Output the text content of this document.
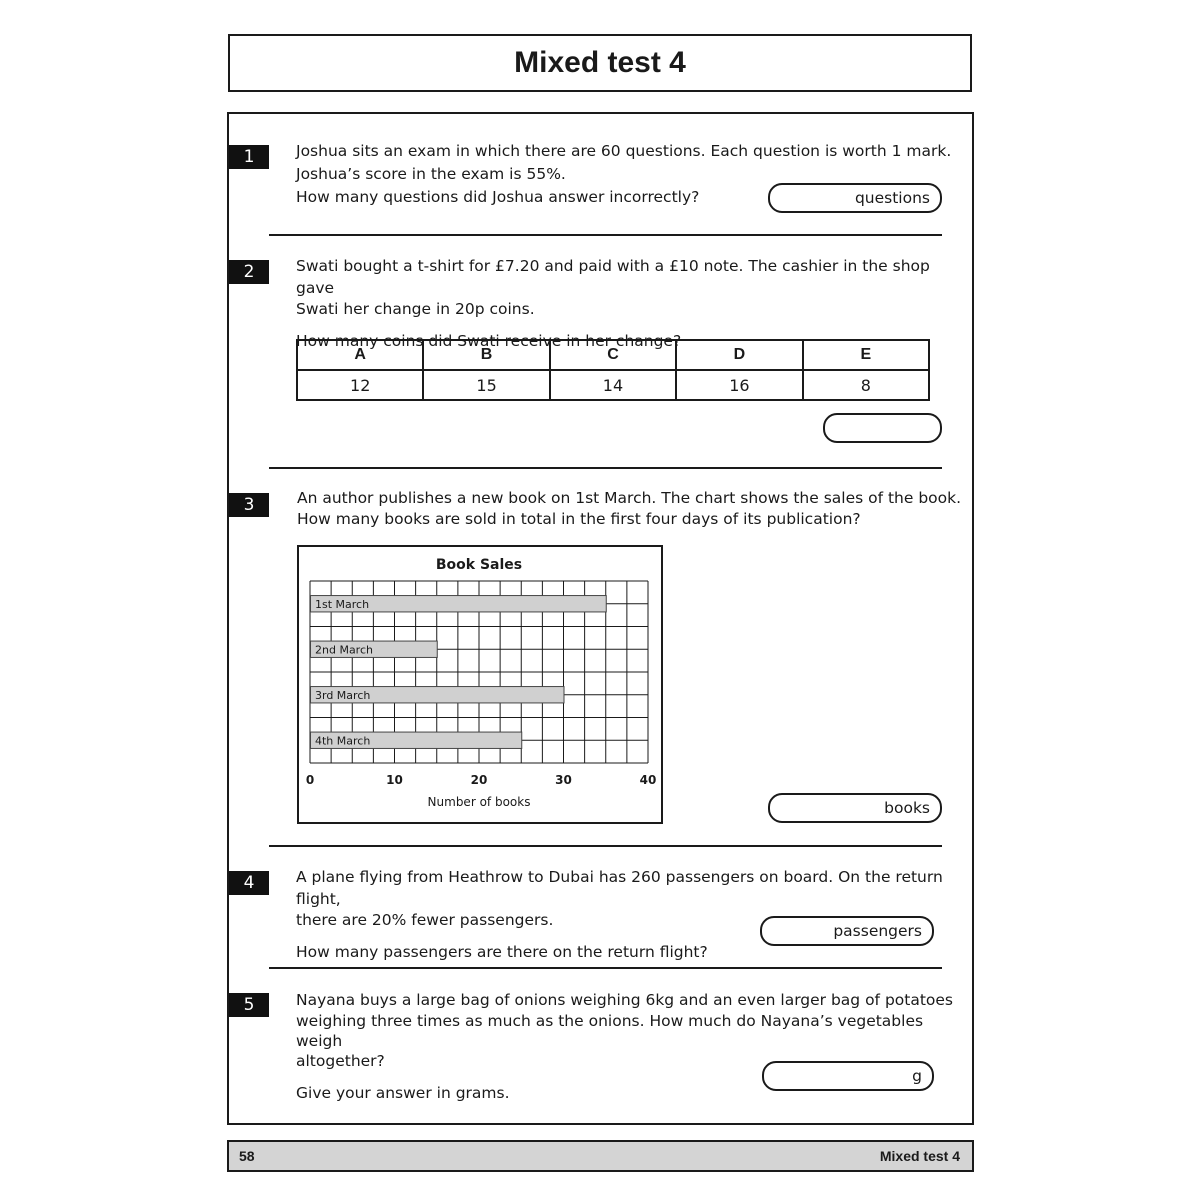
Mixed test 4
1	Joshua sits an exam in which there are 60 questions. Each question is worth 1 mark.
Joshua’s score in the exam is 55%.
How many questions did Joshua answer incorrectly?	questions
2	Swati bought a t-shirt for £7.20 and paid with a £10 note. The cashier in the shop gave
Swati her change in 20p coins.
How many coins did Swati receive in her change?
A	B	C	D	E
12	15	14	16	8
3	An author publishes a new book on 1st March. The chart shows the sales of the book.
How many books are sold in total in the first four days of its publication?
Book Sales
1st March
2nd March
3rd March
4th March
0	10	20	30	40
Number of books	books
4	A plane flying from Heathrow to Dubai has 260 passengers on board. On the return flight,
there are 20% fewer passengers.
How many passengers are there on the return flight?
passengers
5	Nayana buys a large bag of onions weighing 6kg and an even larger bag of potatoes
weighing three times as much as the onions. How much do Nayana’s vegetables weigh
altogether?
Give your answer in grams.
g
58	Mixed test 4
